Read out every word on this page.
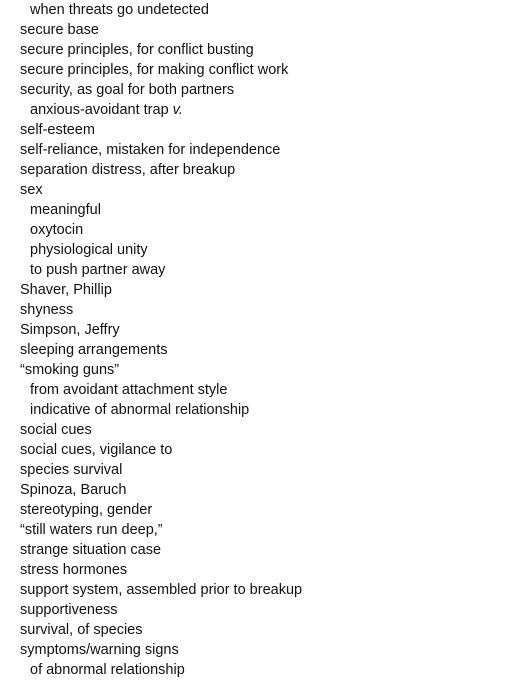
when threats go undetected
secure base
secure principles, for conflict busting
secure principles, for making conflict work
security, as goal for both partners
anxious-avoidant trap v.
self-esteem
self-reliance, mistaken for independence
separation distress, after breakup
sex
meaningful
oxytocin
physiological unity
to push partner away
Shaver, Phillip
shyness
Simpson, Jeffry
sleeping arrangements
“smoking guns”
from avoidant attachment style
indicative of abnormal relationship
social cues
social cues, vigilance to
species survival
Spinoza, Baruch
stereotyping, gender
“still waters run deep,”
strange situation case
stress hormones
support system, assembled prior to breakup
supportiveness
survival, of species
symptoms/warning signs
of abnormal relationship
